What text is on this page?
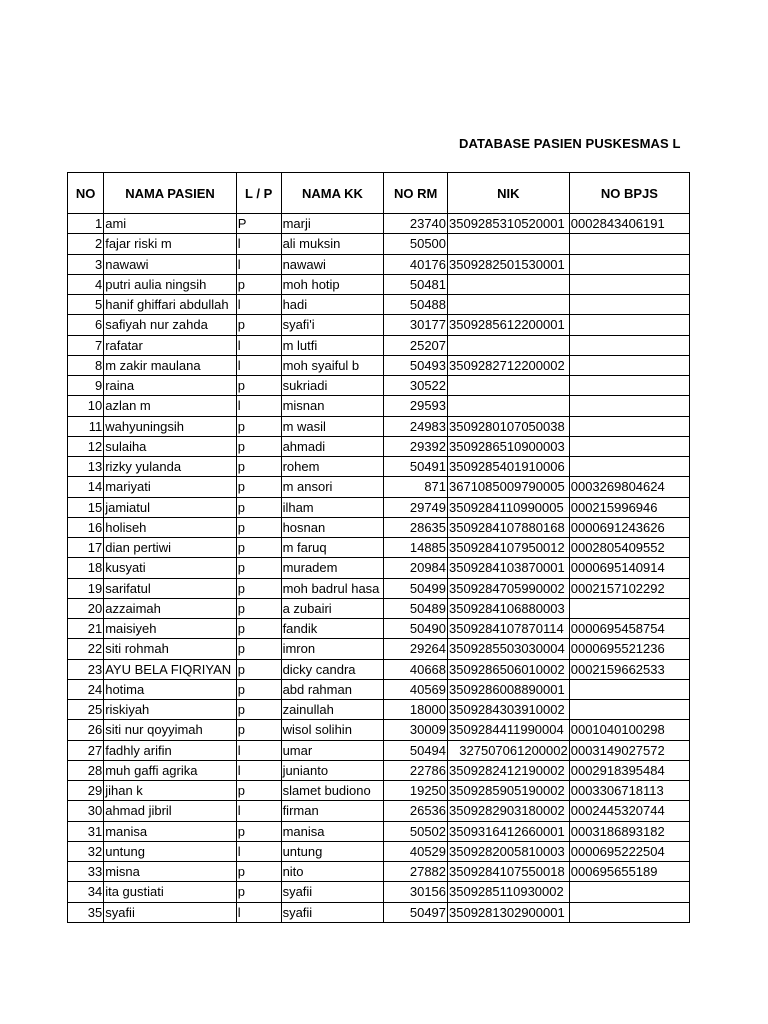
DATABASE PASIEN PUSKESMAS L
NO	NAMA PASIEN	L / P	NAMA KK	NO RM	NIK	NO BPJS
1	ami	P	marji	23740	3509285310520001	0002843406191
2	fajar riski m	l	ali muksin	50500		
3	nawawi	l	nawawi	40176	3509282501530001	
4	putri aulia ningsih	p	moh hotip	50481		
5	hanif ghiffari abdullah	l	hadi	50488		
6	safiyah nur zahda	p	syafi'i	30177	3509285612200001	
7	rafatar	l	m lutfi	25207		
8	m zakir maulana	l	moh syaiful b	50493	3509282712200002	
9	raina	p	sukriadi	30522		
10	azlan m	l	misnan	29593		
11	wahyuningsih	p	m wasil	24983	3509280107050038	
12	sulaiha	p	ahmadi	29392	3509286510900003	
13	rizky yulanda	p	rohem	50491	3509285401910006	
14	mariyati	p	m ansori	871	3671085009790005	0003269804624
15	jamiatul	p	ilham	29749	3509284110990005	000215996946
16	holiseh	p	hosnan	28635	3509284107880168	0000691243626
17	dian pertiwi	p	m faruq	14885	3509284107950012	0002805409552
18	kusyati	p	muradem	20984	3509284103870001	0000695140914
19	sarifatul	p	moh badrul hasa	50499	3509284705990002	0002157102292
20	azzaimah	p	a zubairi	50489	3509284106880003	
21	maisiyeh	p	fandik	50490	3509284107870114	0000695458754
22	siti rohmah	p	imron	29264	3509285503030004	0000695521236
23	AYU BELA FIQRIYAN	p	dicky candra	40668	3509286506010002	0002159662533
24	hotima	p	abd rahman	40569	3509286008890001	
25	riskiyah	p	zainullah	18000	3509284303910002	
26	siti nur qoyyimah	p	wisol solihin	30009	3509284411990004	0001040100298
27	fadhly arifin	l	umar	50494	327507061200002	0003149027572
28	muh gaffi agrika	l	junianto	22786	3509282412190002	0002918395484
29	jihan k	p	slamet budiono	19250	3509285905190002	0003306718113
30	ahmad jibril	l	firman	26536	3509282903180002	0002445320744
31	manisa	p	manisa	50502	3509316412660001	0003186893182
32	untung	l	untung	40529	3509282005810003	0000695222504
33	misna	p	nito	27882	3509284107550018	000695655189
34	ita gustiati	p	syafii	30156	3509285110930002	
35	syafii	l	syafii	50497	3509281302900001	
